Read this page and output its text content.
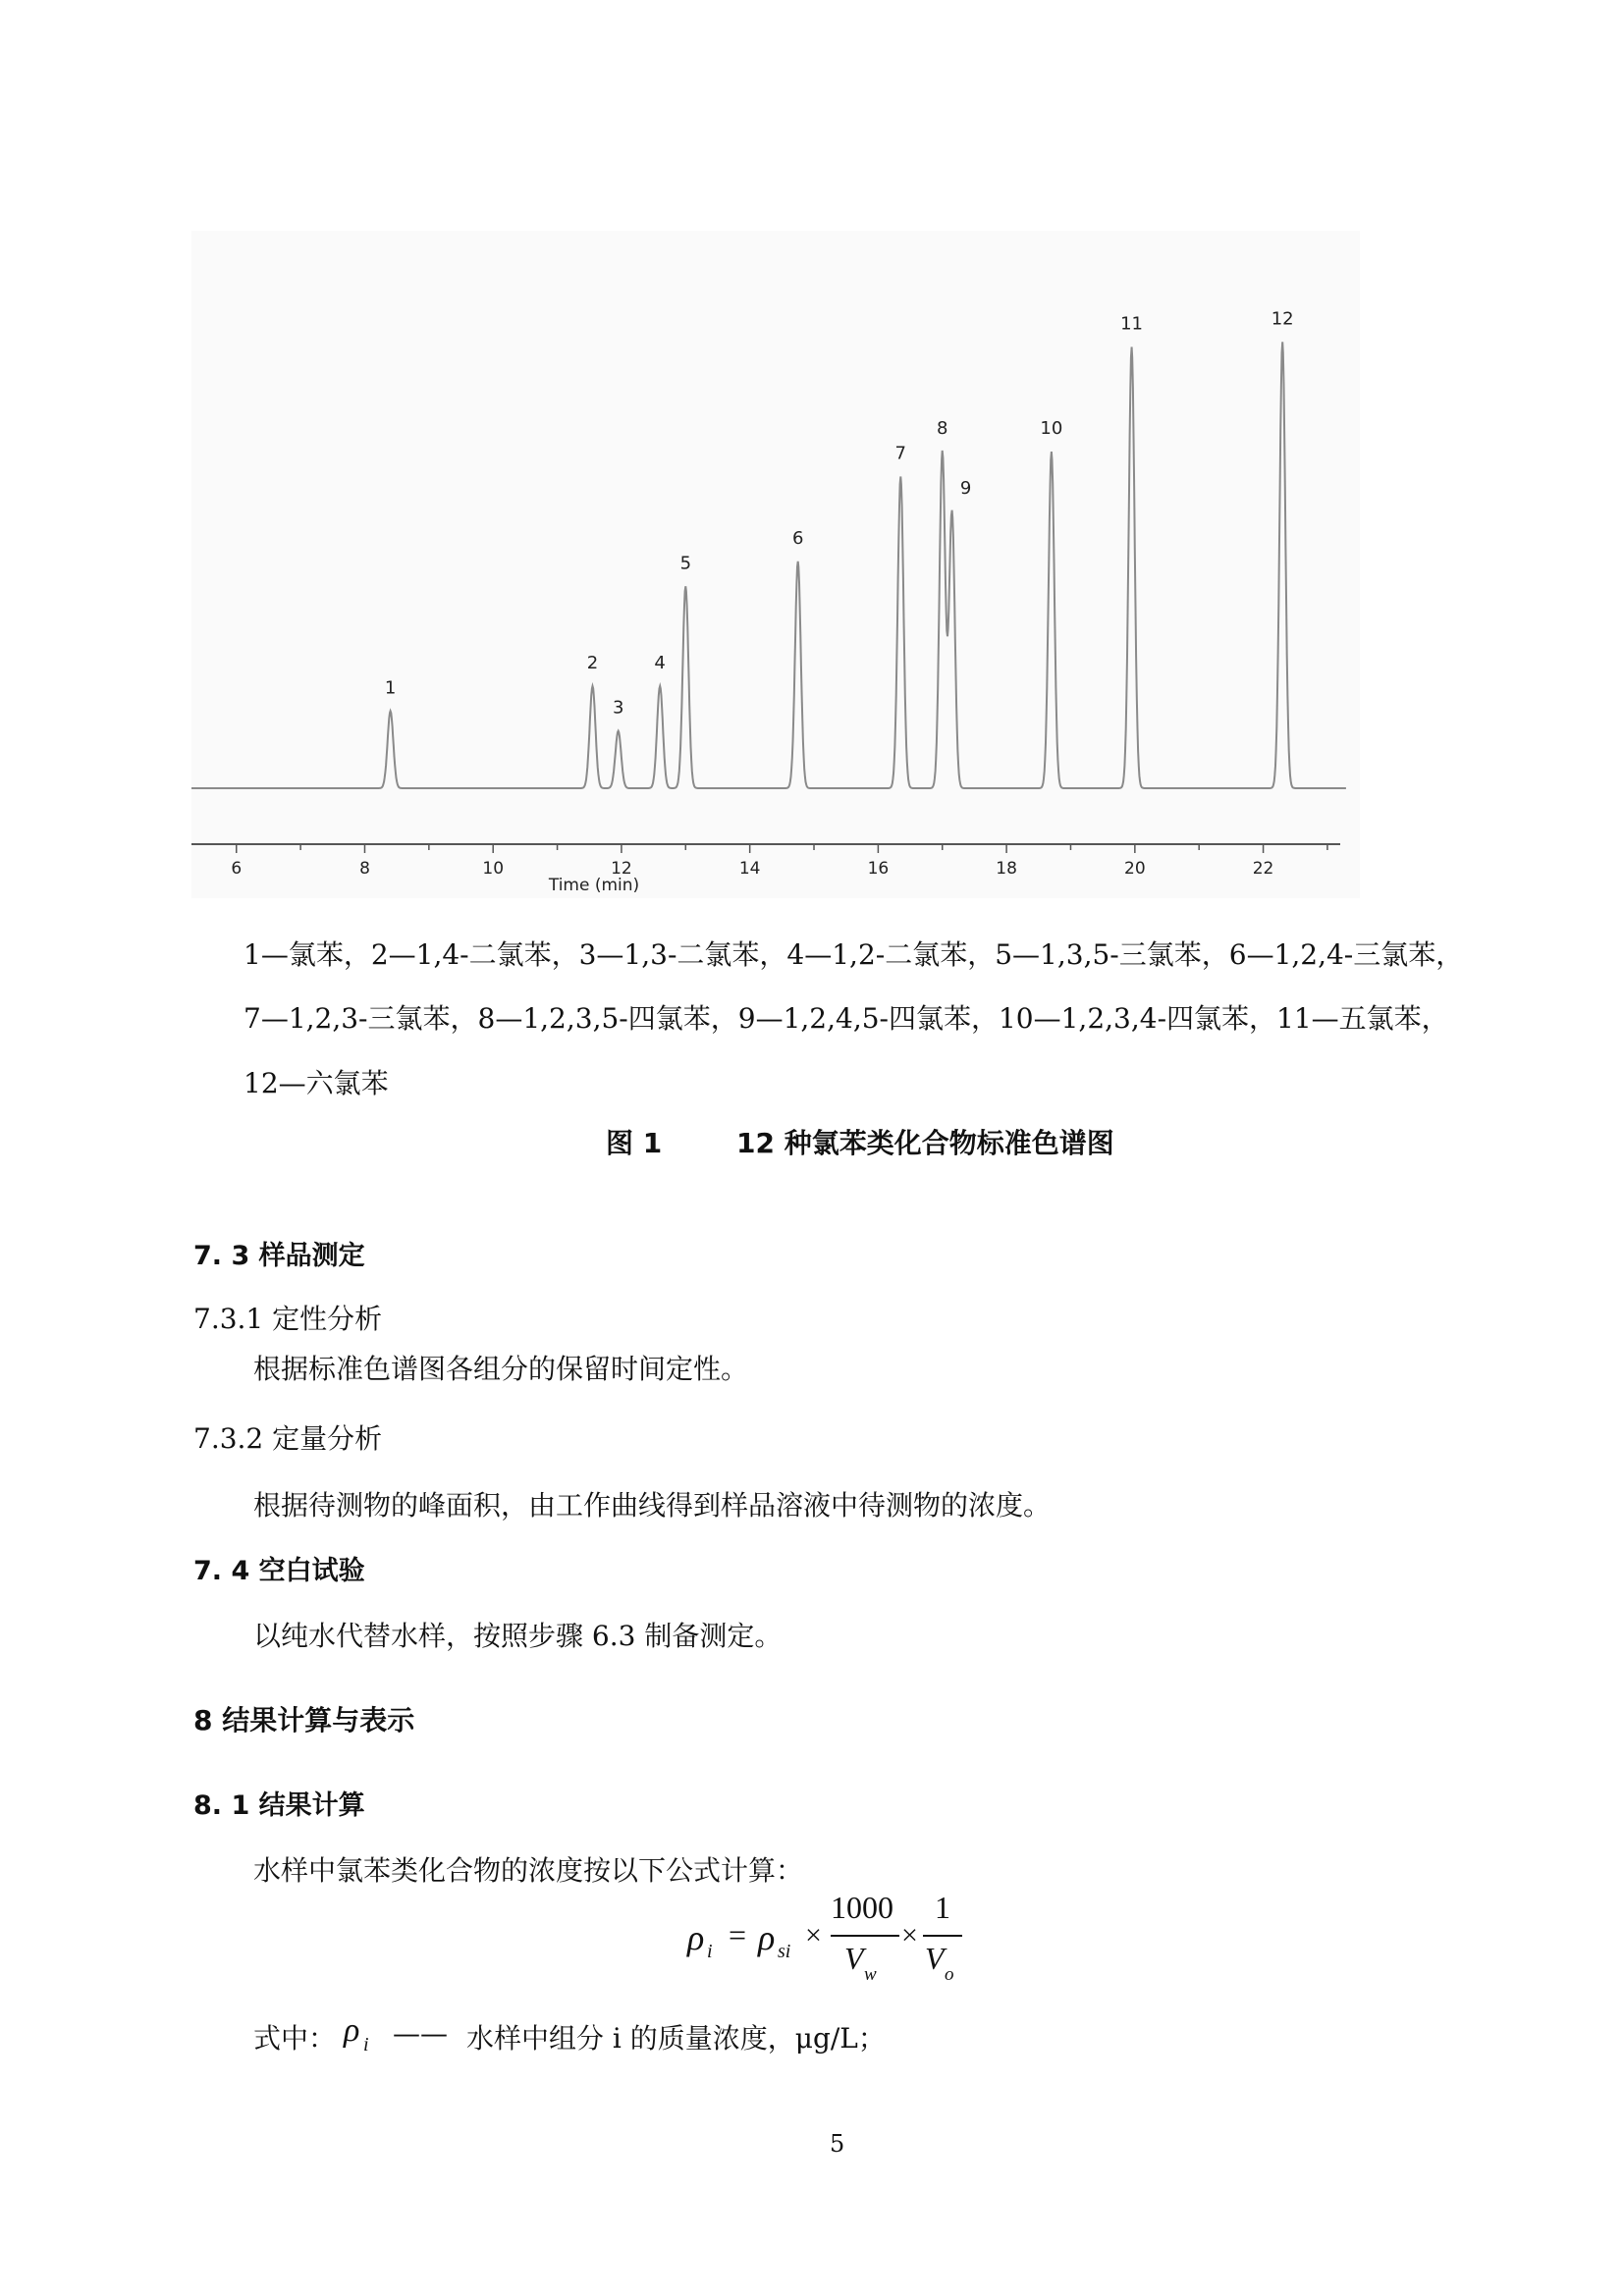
1
2
3
4
5
6
7
8
9
10
11	12
6	8	10	12	14	16	18	20	22
Time (min)
1—氯苯，2—1,4-二氯苯，3—1,3-二氯苯，4—1,2-二氯苯，5—1,3,5-三氯苯，6—1,2,4-三氯苯，
7—1,2,3-三氯苯，8—1,2,3,5-四氯苯，9—1,2,4,5-四氯苯，10—1,2,3,4-四氯苯，11—五氯苯，
12—六氯苯
图 1	12 种氯苯类化合物标准色谱图
7. 3 样品测定
7.3.1 定性分析
根据标准色谱图各组分的保留时间定性。
7.3.2 定量分析
根据待测物的峰面积，由工作曲线得到样品溶液中待测物的浓度。
7. 4 空白试验
以纯水代替水样，按照步骤 6.3 制备测定。
8 结果计算与表示
8. 1 结果计算
水样中氯苯类化合物的浓度按以下公式计算：
ρ i = ρ si ×
1000
V w
×
1
V o
式中： ρ i —— 水样中组分 i 的质量浓度，μg/L；
5
